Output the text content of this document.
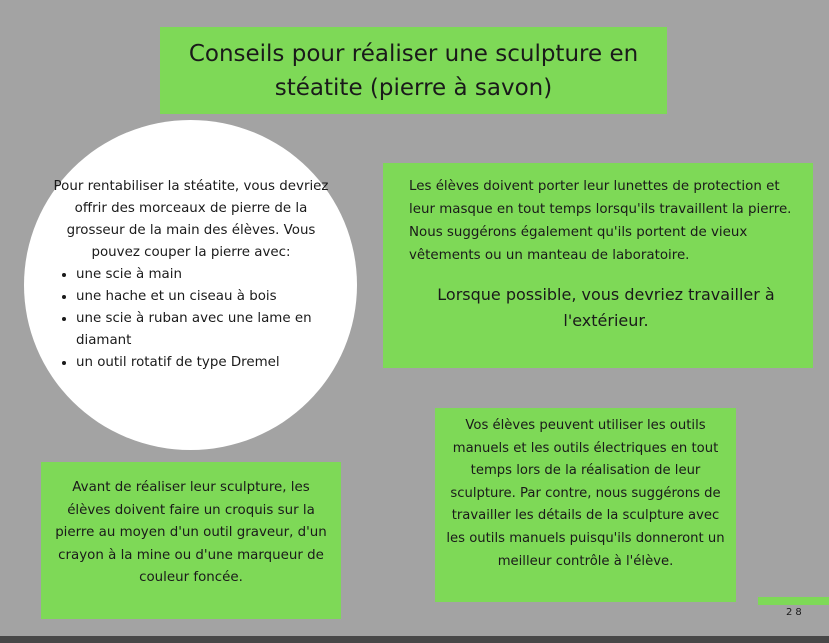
Conseils pour réaliser une sculpture en stéatite (pierre à savon)
Pour rentabiliser la stéatite, vous devriez offrir des morceaux de pierre de la grosseur de la main des élèves. Vous pouvez couper la pierre avec:
• une scie à main
• une hache et un ciseau à bois
• une scie à ruban avec une lame en diamant
• un outil rotatif de type Dremel
Les élèves doivent porter leur lunettes de protection et leur masque en tout temps lorsqu'ils travaillent la pierre. Nous suggérons également qu'ils portent de vieux vêtements ou un manteau de laboratoire.
Lorsque possible, vous devriez travailler à l'extérieur.
Vos élèves peuvent utiliser les outils manuels et les outils électriques en tout temps lors de la réalisation de leur sculpture. Par contre, nous suggérons de travailler les détails de la sculpture avec les outils manuels puisqu'ils donneront un meilleur contrôle à l'élève.
Avant de réaliser leur sculpture, les élèves doivent faire un croquis sur la pierre au moyen d'un outil graveur, d'un crayon à la mine ou d'une marqueur de couleur foncée.
28
